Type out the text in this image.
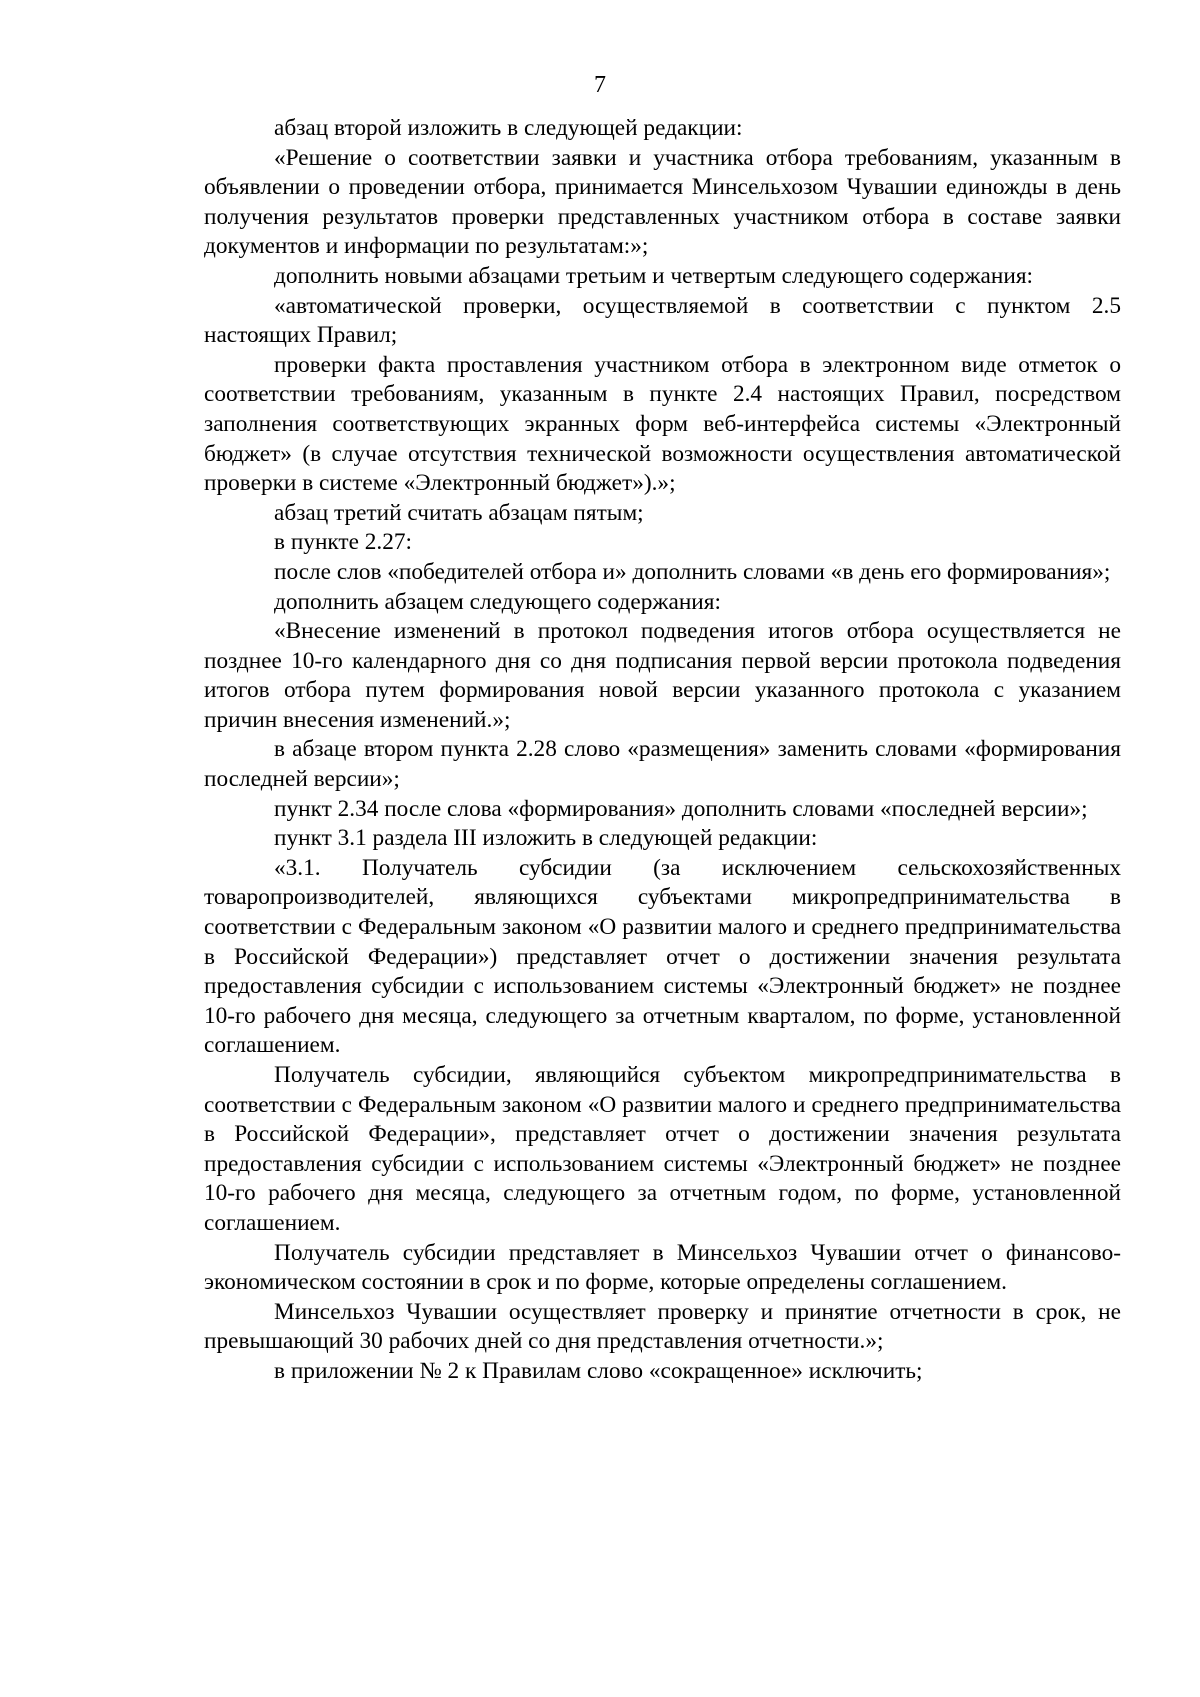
7

абзац второй изложить в следующей редакции:

«Решение о соответствии заявки и участника отбора требованиям, указанным в объявлении о проведении отбора, принимается Минсельхозом Чувашии единожды в день получения результатов проверки представленных участником отбора в составе заявки документов и информации по результатам:»;

дополнить новыми абзацами третьим и четвертым следующего содержания:

«автоматической проверки, осуществляемой в соответствии с пунктом 2.5 настоящих Правил;

проверки факта проставления участником отбора в электронном виде отметок о соответствии требованиям, указанным в пункте 2.4 настоящих Правил, посредством заполнения соответствующих экранных форм веб-интерфейса системы «Электронный бюджет» (в случае отсутствия технической возможности осуществления автоматической проверки в системе «Электронный бюджет»).»;

абзац третий считать абзацам пятым;

в пункте 2.27:

после слов «победителей отбора и» дополнить словами «в день его формирования»;

дополнить абзацем следующего содержания:

«Внесение изменений в протокол подведения итогов отбора осуществляется не позднее 10-го календарного дня со дня подписания первой версии протокола подведения итогов отбора путем формирования новой версии указанного протокола с указанием причин внесения изменений.»;

в абзаце втором пункта 2.28 слово «размещения» заменить словами «формирования последней версии»;

пункт 2.34 после слова «формирования» дополнить словами «последней версии»;

пункт 3.1 раздела III изложить в следующей редакции:

«3.1. Получатель субсидии (за исключением сельскохозяйственных товаропроизводителей, являющихся субъектами микропредпринимательства в соответствии с Федеральным законом «О развитии малого и среднего предпринимательства в Российской Федерации») представляет отчет о достижении значения результата предоставления субсидии с использованием системы «Электронный бюджет» не позднее 10-го рабочего дня месяца, следующего за отчетным кварталом, по форме, установленной соглашением.

Получатель субсидии, являющийся субъектом микропредпринимательства в соответствии с Федеральным законом «О развитии малого и среднего предпринимательства в Российской Федерации», представляет отчет о достижении значения результата предоставления субсидии с использованием системы «Электронный бюджет» не позднее 10-го рабочего дня месяца, следующего за отчетным годом, по форме, установленной соглашением.

Получатель субсидии представляет в Минсельхоз Чувашии отчет о финансово-экономическом состоянии в срок и по форме, которые определены соглашением.

Минсельхоз Чувашии осуществляет проверку и принятие отчетности в срок, не превышающий 30 рабочих дней со дня представления отчетности.»;

в приложении № 2 к Правилам слово «сокращенное» исключить;
